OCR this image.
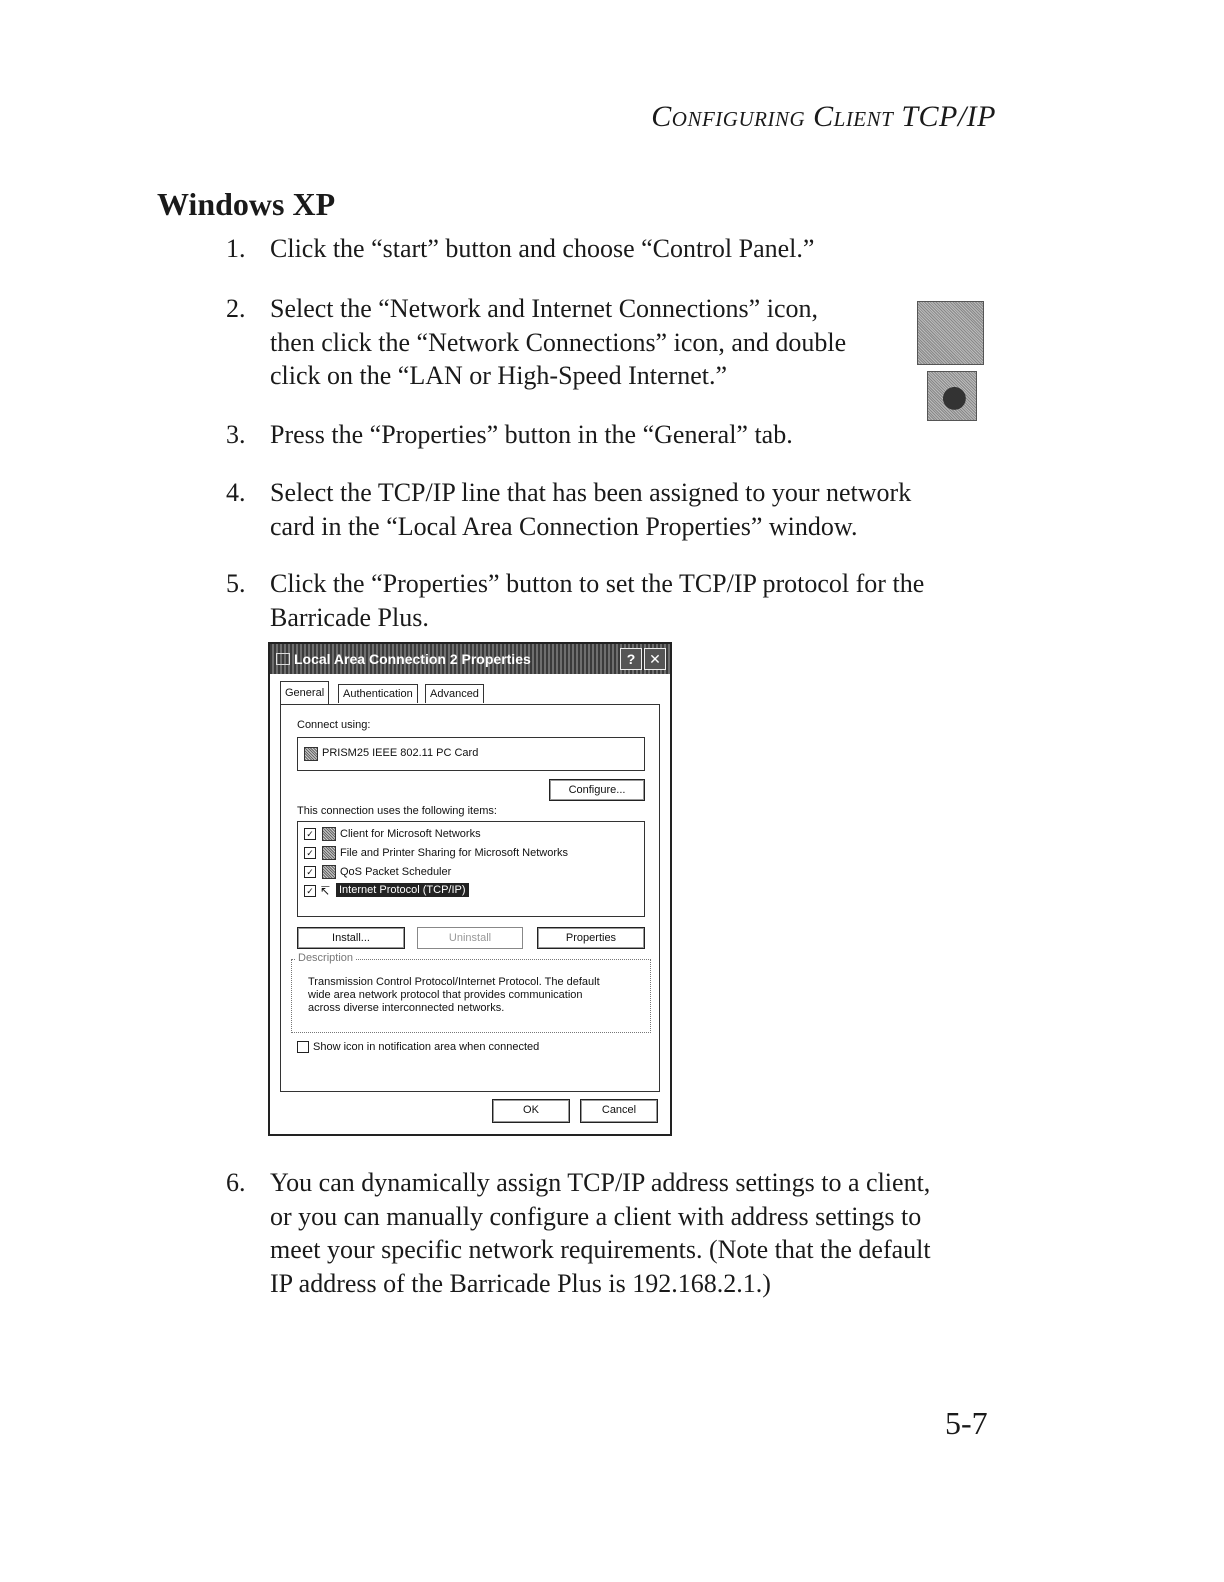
Configuring Client TCP/IP
Windows XP
1. Click the “start” button and choose “Control Panel.”
2. Select the “Network and Internet Connections” icon,
then click the “Network Connections” icon, and double
click on the “LAN or High-Speed Internet.”
3. Press the “Properties” button in the “General” tab.
4. Select the TCP/IP line that has been assigned to your network
card in the “Local Area Connection Properties” window.
5. Click the “Properties” button to set the TCP/IP protocol for the
Barricade Plus.
Local Area Connection 2 Properties	? ✕
General	Authentication	Advanced
Connect using:
PRISM25 IEEE 802.11 PC Card
Configure...
This connection uses the following items:
✓ Client for Microsoft Networks
✓ File and Printer Sharing for Microsoft Networks
✓ QoS Packet Scheduler
✓ ↸ Internet Protocol (TCP/IP)
Install...	Uninstall	Properties
Description
Transmission Control Protocol/Internet Protocol. The default
wide area network protocol that provides communication
across diverse interconnected networks.
Show icon in notification area when connected
OK	Cancel
6. You can dynamically assign TCP/IP address settings to a client,
or you can manually configure a client with address settings to
meet your specific network requirements. (Note that the default
IP address of the Barricade Plus is 192.168.2.1.)
5-7
